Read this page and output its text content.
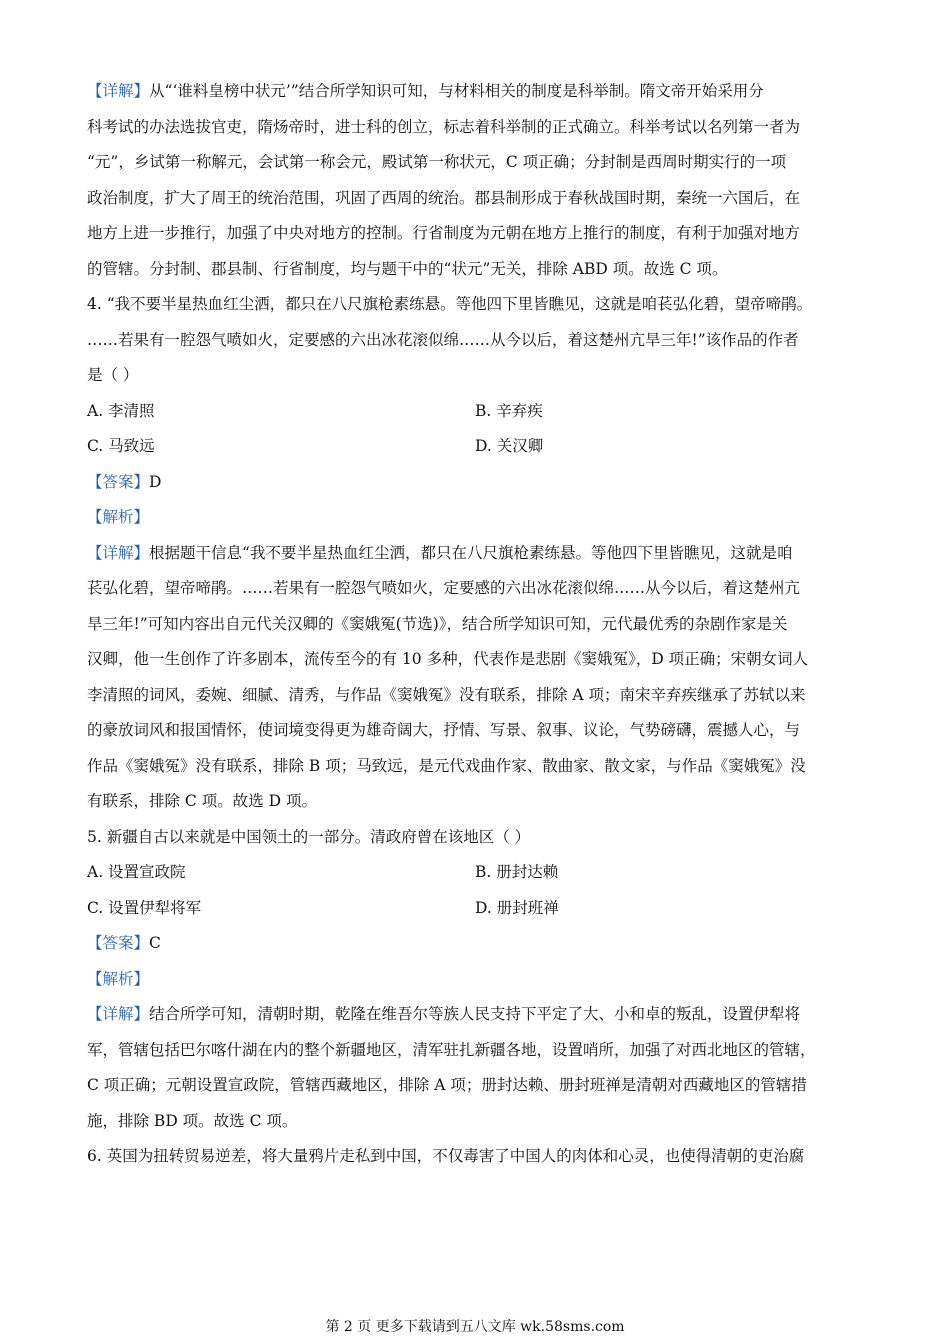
【详解】从“‘谁料皇榜中状元’”结合所学知识可知，与材料相关的制度是科举制。隋文帝开始采用分
科考试的办法选拔官吏，隋炀帝时，进士科的创立，标志着科举制的正式确立。科举考试以名列第一者为
“元”，乡试第一称解元，会试第一称会元，殿试第一称状元，C 项正确；分封制是西周时期实行的一项
政治制度，扩大了周王的统治范围，巩固了西周的统治。郡县制形成于春秋战国时期，秦统一六国后，在
地方上进一步推行，加强了中央对地方的控制。行省制度为元朝在地方上推行的制度，有利于加强对地方
的管辖。分封制、郡县制、行省制度，均与题干中的“状元”无关，排除 ABD 项。故选 C 项。
4. “我不要半星热血红尘洒，都只在八尺旗枪素练悬。等他四下里皆瞧见，这就是咱苌弘化碧，望帝啼鹃。
……若果有一腔怨气喷如火，定要感的六出冰花滚似绵……从今以后，着这楚州亢旱三年!”该作品的作者
是（ ）
A. 李清照	B. 辛弃疾
C. 马致远	D. 关汉卿
【答案】D
【解析】
【详解】根据题干信息“我不要半星热血红尘洒，都只在八尺旗枪素练悬。等他四下里皆瞧见，这就是咱
苌弘化碧，望帝啼鹃。……若果有一腔怨气喷如火，定要感的六出冰花滚似绵……从今以后，着这楚州亢
旱三年!”可知内容出自元代关汉卿的《窦娥冤(节选)》，结合所学知识可知，元代最优秀的杂剧作家是关
汉卿，他一生创作了许多剧本，流传至今的有 10 多种，代表作是悲剧《窦娥冤》，D 项正确；宋朝女词人
李清照的词风，委婉、细腻、清秀，与作品《窦娥冤》没有联系，排除 A 项；南宋辛弃疾继承了苏轼以来
的豪放词风和报国情怀，使词境变得更为雄奇阔大，抒情、写景、叙事、议论，气势磅礴，震撼人心，与
作品《窦娥冤》没有联系，排除 B 项；马致远，是元代戏曲作家、散曲家、散文家，与作品《窦娥冤》没
有联系，排除 C 项。故选 D 项。
5. 新疆自古以来就是中国领土的一部分。清政府曾在该地区（ ）
A. 设置宣政院	B. 册封达赖
C. 设置伊犁将军	D. 册封班禅
【答案】C
【解析】
【详解】结合所学可知，清朝时期，乾隆在维吾尔等族人民支持下平定了大、小和卓的叛乱，设置伊犁将
军，管辖包括巴尔喀什湖在内的整个新疆地区，清军驻扎新疆各地，设置哨所，加强了对西北地区的管辖，
C 项正确；元朝设置宣政院，管辖西藏地区，排除 A 项；册封达赖、册封班禅是清朝对西藏地区的管辖措
施，排除 BD 项。故选 C 项。
6. 英国为扭转贸易逆差，将大量鸦片走私到中国，不仅毒害了中国人的肉体和心灵，也使得清朝的吏治腐
第 2 页 更多下载请到五八文库 wk.58sms.com
